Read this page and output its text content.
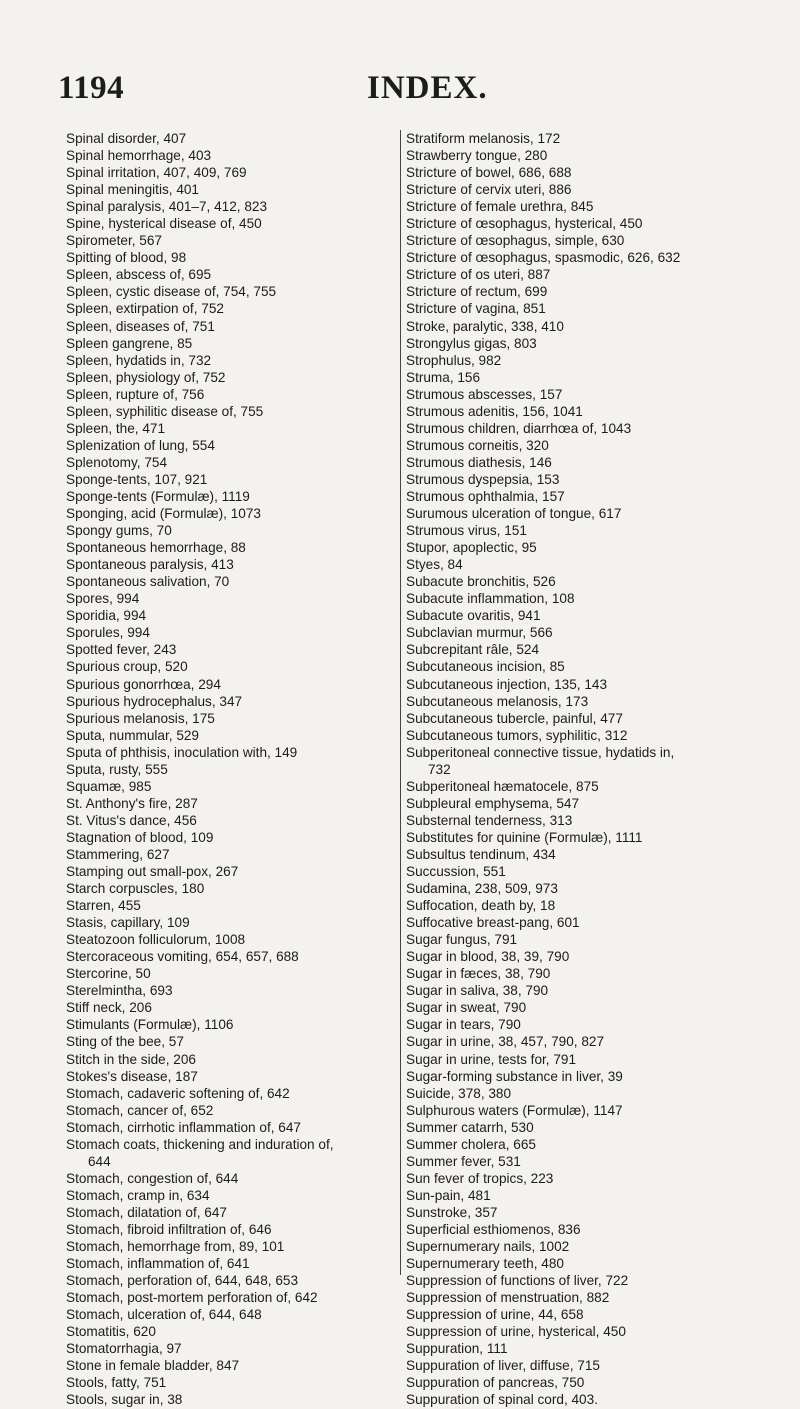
1194	INDEX.
Spinal disorder, 407
Spinal hemorrhage, 403
Spinal irritation, 407, 409, 769
Spinal meningitis, 401
Spinal paralysis, 401–7, 412, 823
Spine, hysterical disease of, 450
Spirometer, 567
Spitting of blood, 98
Spleen, abscess of, 695
Spleen, cystic disease of, 754, 755
Spleen, extirpation of, 752
Spleen, diseases of, 751
Spleen gangrene, 85
Spleen, hydatids in, 732
Spleen, physiology of, 752
Spleen, rupture of, 756
Spleen, syphilitic disease of, 755
Spleen, the, 471
Splenization of lung, 554
Splenotomy, 754
Sponge-tents, 107, 921
Sponge-tents (Formulæ), 1119
Sponging, acid (Formulæ), 1073
Spongy gums, 70
Spontaneous hemorrhage, 88
Spontaneous paralysis, 413
Spontaneous salivation, 70
Spores, 994
Sporidia, 994
Sporules, 994
Spotted fever, 243
Spurious croup, 520
Spurious gonorrhœa, 294
Spurious hydrocephalus, 347
Spurious melanosis, 175
Sputa, nummular, 529
Sputa of phthisis, inoculation with, 149
Sputa, rusty, 555
Squamæ, 985
St. Anthony's fire, 287
St. Vitus's dance, 456
Stagnation of blood, 109
Stammering, 627
Stamping out small-pox, 267
Starch corpuscles, 180
Starren, 455
Stasis, capillary, 109
Steatozoon folliculorum, 1008
Stercoraceous vomiting, 654, 657, 688
Stercorine, 50
Sterelmintha, 693
Stiff neck, 206
Stimulants (Formulæ), 1106
Sting of the bee, 57
Stitch in the side, 206
Stokes's disease, 187
Stomach, cadaveric softening of, 642
Stomach, cancer of, 652
Stomach, cirrhotic inflammation of, 647
Stomach coats, thickening and induration of,
644
Stomach, congestion of, 644
Stomach, cramp in, 634
Stomach, dilatation of, 647
Stomach, fibroid infiltration of, 646
Stomach, hemorrhage from, 89, 101
Stomach, inflammation of, 641
Stomach, perforation of, 644, 648, 653
Stomach, post-mortem perforation of, 642
Stomach, ulceration of, 644, 648
Stomatitis, 620
Stomatorrhagia, 97
Stone in female bladder, 847
Stools, fatty, 751
Stools, sugar in, 38
Stratiform melanosis, 172
Strawberry tongue, 280
Stricture of bowel, 686, 688
Stricture of cervix uteri, 886
Stricture of female urethra, 845
Stricture of œsophagus, hysterical, 450
Stricture of œsophagus, simple, 630
Stricture of œsophagus, spasmodic, 626, 632
Stricture of os uteri, 887
Stricture of rectum, 699
Stricture of vagina, 851
Stroke, paralytic, 338, 410
Strongylus gigas, 803
Strophulus, 982
Struma, 156
Strumous abscesses, 157
Strumous adenitis, 156, 1041
Strumous children, diarrhœa of, 1043
Strumous corneitis, 320
Strumous diathesis, 146
Strumous dyspepsia, 153
Strumous ophthalmia, 157
Surumous ulceration of tongue, 617
Strumous virus, 151
Stupor, apoplectic, 95
Styes, 84
Subacute bronchitis, 526
Subacute inflammation, 108
Subacute ovaritis, 941
Subclavian murmur, 566
Subcrepitant râle, 524
Subcutaneous incision, 85
Subcutaneous injection, 135, 143
Subcutaneous melanosis, 173
Subcutaneous tubercle, painful, 477
Subcutaneous tumors, syphilitic, 312
Subperitoneal connective tissue, hydatids in,
732
Subperitoneal hæmatocele, 875
Subpleural emphysema, 547
Substernal tenderness, 313
Substitutes for quinine (Formulæ), 1111
Subsultus tendinum, 434
Succussion, 551
Sudamina, 238, 509, 973
Suffocation, death by, 18
Suffocative breast-pang, 601
Sugar fungus, 791
Sugar in blood, 38, 39, 790
Sugar in fæces, 38, 790
Sugar in saliva, 38, 790
Sugar in sweat, 790
Sugar in tears, 790
Sugar in urine, 38, 457, 790, 827
Sugar in urine, tests for, 791
Sugar-forming substance in liver, 39
Suicide, 378, 380
Sulphurous waters (Formulæ), 1147
Summer catarrh, 530
Summer cholera, 665
Summer fever, 531
Sun fever of tropics, 223
Sun-pain, 481
Sunstroke, 357
Superficial esthiomenos, 836
Supernumerary nails, 1002
Supernumerary teeth, 480
Suppression of functions of liver, 722
Suppression of menstruation, 882
Suppression of urine, 44, 658
Suppression of urine, hysterical, 450
Suppuration, 111
Suppuration of liver, diffuse, 715
Suppuration of pancreas, 750
Suppuration of spinal cord, 403.
